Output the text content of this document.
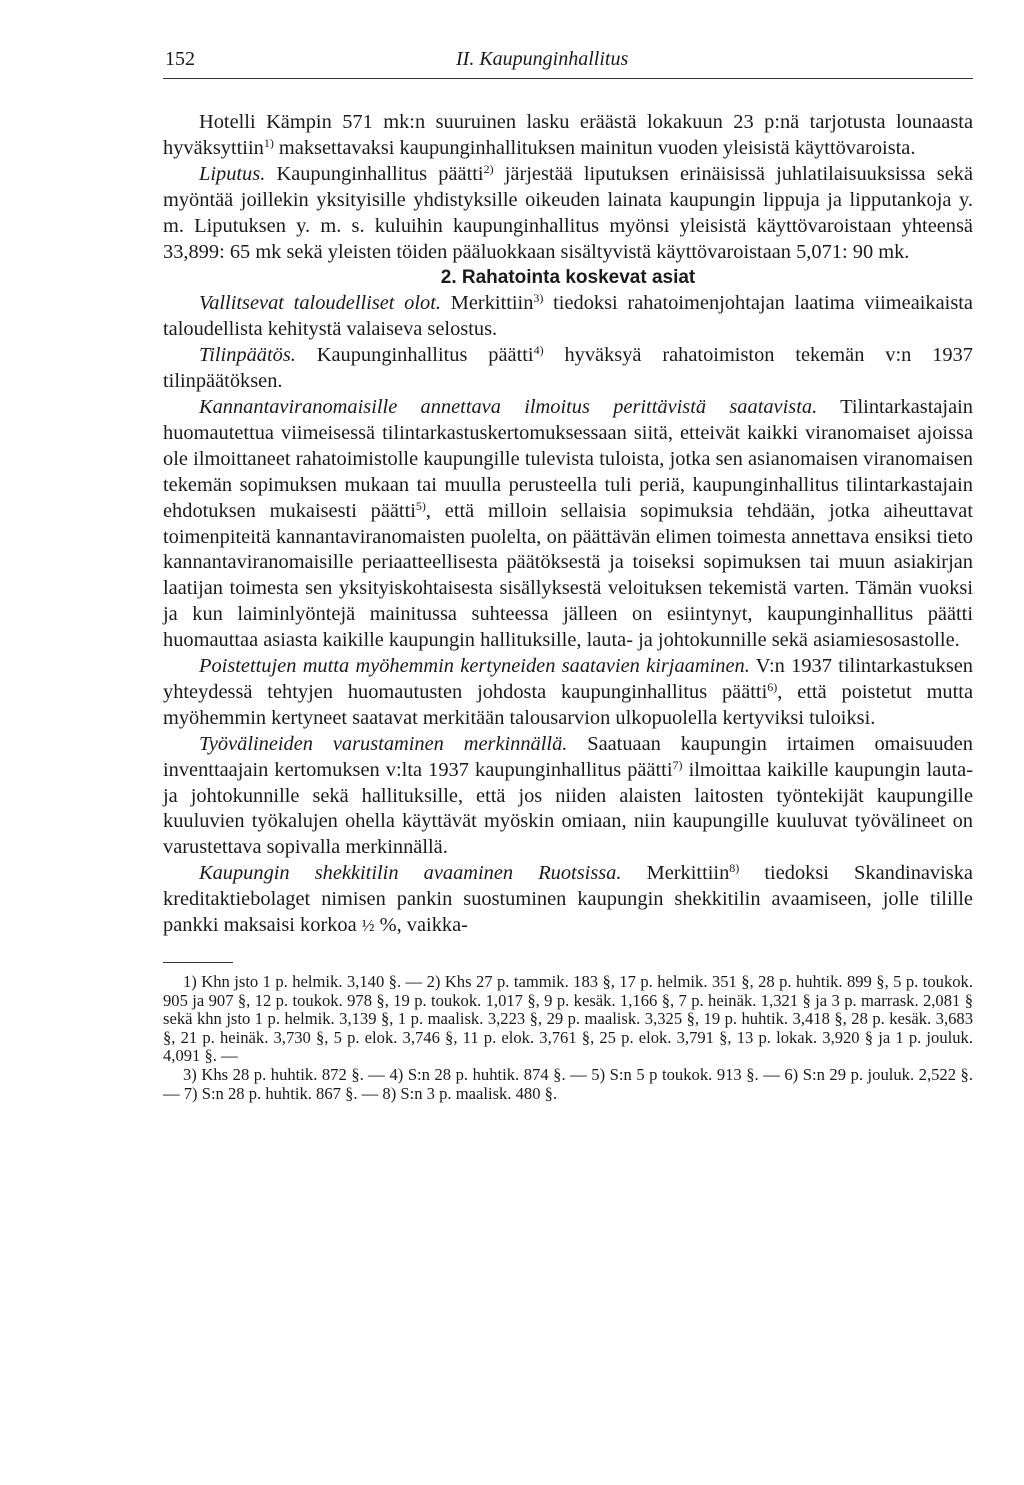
152	II. Kaupunginhallitus

Hotelli Kämpin 571 mk:n suuruinen lasku eräästä lokakuun 23 p:nä tarjotusta lounaasta hyväksyttiin$^{1)}$ maksettavaksi kaupunginhallituksen mainitun vuoden yleisistä käyttövaroista.

Liputus. Kaupunginhallitus päätti$^{2)}$ järjestää liputuksen erinäisissä juhlatilaisuuksissa sekä myöntää joillekin yksityisille yhdistyksille oikeuden lainata kaupungin lippuja ja lipputankoja y. m. Liputuksen y. m. s. kuluihin kaupunginhallitus myönsi yleisistä käyttövaroistaan yhteensä 33,899: 65 mk sekä yleisten töiden pääluokkaan sisältyvistä käyttövaroistaan 5,071: 90 mk.

2. Rahatointa koskevat asiat

Vallitsevat taloudelliset olot. Merkittiin$^{3)}$ tiedoksi rahatoimenjohtajan laatima viimeaikaista taloudellista kehitystä valaiseva selostus.

Tilinpäätös. Kaupunginhallitus päätti$^{4)}$ hyväksyä rahatoimiston tekemän v:n 1937 tilinpäätöksen.

Kannantaviranomaisille annettava ilmoitus perittävistä saatavista. Tilintarkastajain huomautettua viimeisessä tilintarkastuskertomuksessaan siitä, etteivät kaikki viranomaiset ajoissa ole ilmoittaneet rahatoimistolle kaupungille tulevista tuloista, jotka sen asianomaisen viranomaisen tekemän sopimuksen mukaan tai muulla perusteella tuli periä, kaupunginhallitus tilintarkastajain ehdotuksen mukaisesti päätti$^{5)}$, että milloin sellaisia sopimuksia tehdään, jotka aiheuttavat toimenpiteitä kannantaviranomaisten puolelta, on päättävän elimen toimesta annettava ensiksi tieto kannantaviranomaisille periaatteellisesta päätöksestä ja toiseksi sopimuksen tai muun asiakirjan laatijan toimesta sen yksityiskohtaisesta sisällyksestä veloituksen tekemistä varten. Tämän vuoksi ja kun laiminlyöntejä mainitussa suhteessa jälleen on esiintynyt, kaupunginhallitus päätti huomauttaa asiasta kaikille kaupungin hallituksille, lauta- ja johtokunnille sekä asiamiesosastolle.

Poistettujen mutta myöhemmin kertyneiden saatavien kirjaaminen. V:n 1937 tilintarkastuksen yhteydessä tehtyjen huomautusten johdosta kaupunginhallitus päätti$^{6)}$, että poistetut mutta myöhemmin kertyneet saatavat merkitään talousarvion ulkopuolella kertyviksi tuloiksi.

Työvälineiden varustaminen merkinnällä. Saatuaan kaupungin irtaimen omaisuuden inventtaajain kertomuksen v:lta 1937 kaupunginhallitus päätti$^{7)}$ ilmoittaa kaikille kaupungin lauta- ja johtokunnille sekä hallituksille, että jos niiden alaisten laitosten työntekijät kaupungille kuuluvien työkalujen ohella käyttävät myöskin omiaan, niin kaupungille kuuluvat työvälineet on varustettava sopivalla merkinnällä.

Kaupungin shekkitilin avaaminen Ruotsissa. Merkittiin$^{8)}$ tiedoksi Skandinaviska kreditaktiebolaget nimisen pankin suostuminen kaupungin shekkitilin avaamiseen, jolle tilille pankki maksaisi korkoa ½ %, vaikka-

1) Khn jsto 1 p. helmik. 3,140 §. — 2) Khs 27 p. tammik. 183 §, 17 p. helmik. 351 §, 28 p. huhtik. 899 §, 5 p. toukok. 905 ja 907 §, 12 p. toukok. 978 §, 19 p. toukok. 1,017 §, 9 p. kesäk. 1,166 §, 7 p. heinäk. 1,321 § ja 3 p. marrask. 2,081 § sekä khn jsto 1 p. helmik. 3,139 §, 1 p. maalisk. 3,223 §, 29 p. maalisk. 3,325 §, 19 p. huhtik. 3,418 §, 28 p. kesäk. 3,683 §, 21 p. heinäk. 3,730 §, 5 p. elok. 3,746 §, 11 p. elok. 3,761 §, 25 p. elok. 3,791 §, 13 p. lokak. 3,920 § ja 1 p. jouluk. 4,091 §. —

3) Khs 28 p. huhtik. 872 §. — 4) S:n 28 p. huhtik. 874 §. — 5) S:n 5 p toukok. 913 §. — 6) S:n 29 p. jouluk. 2,522 §. — 7) S:n 28 p. huhtik. 867 §. — 8) S:n 3 p. maalisk. 480 §.
